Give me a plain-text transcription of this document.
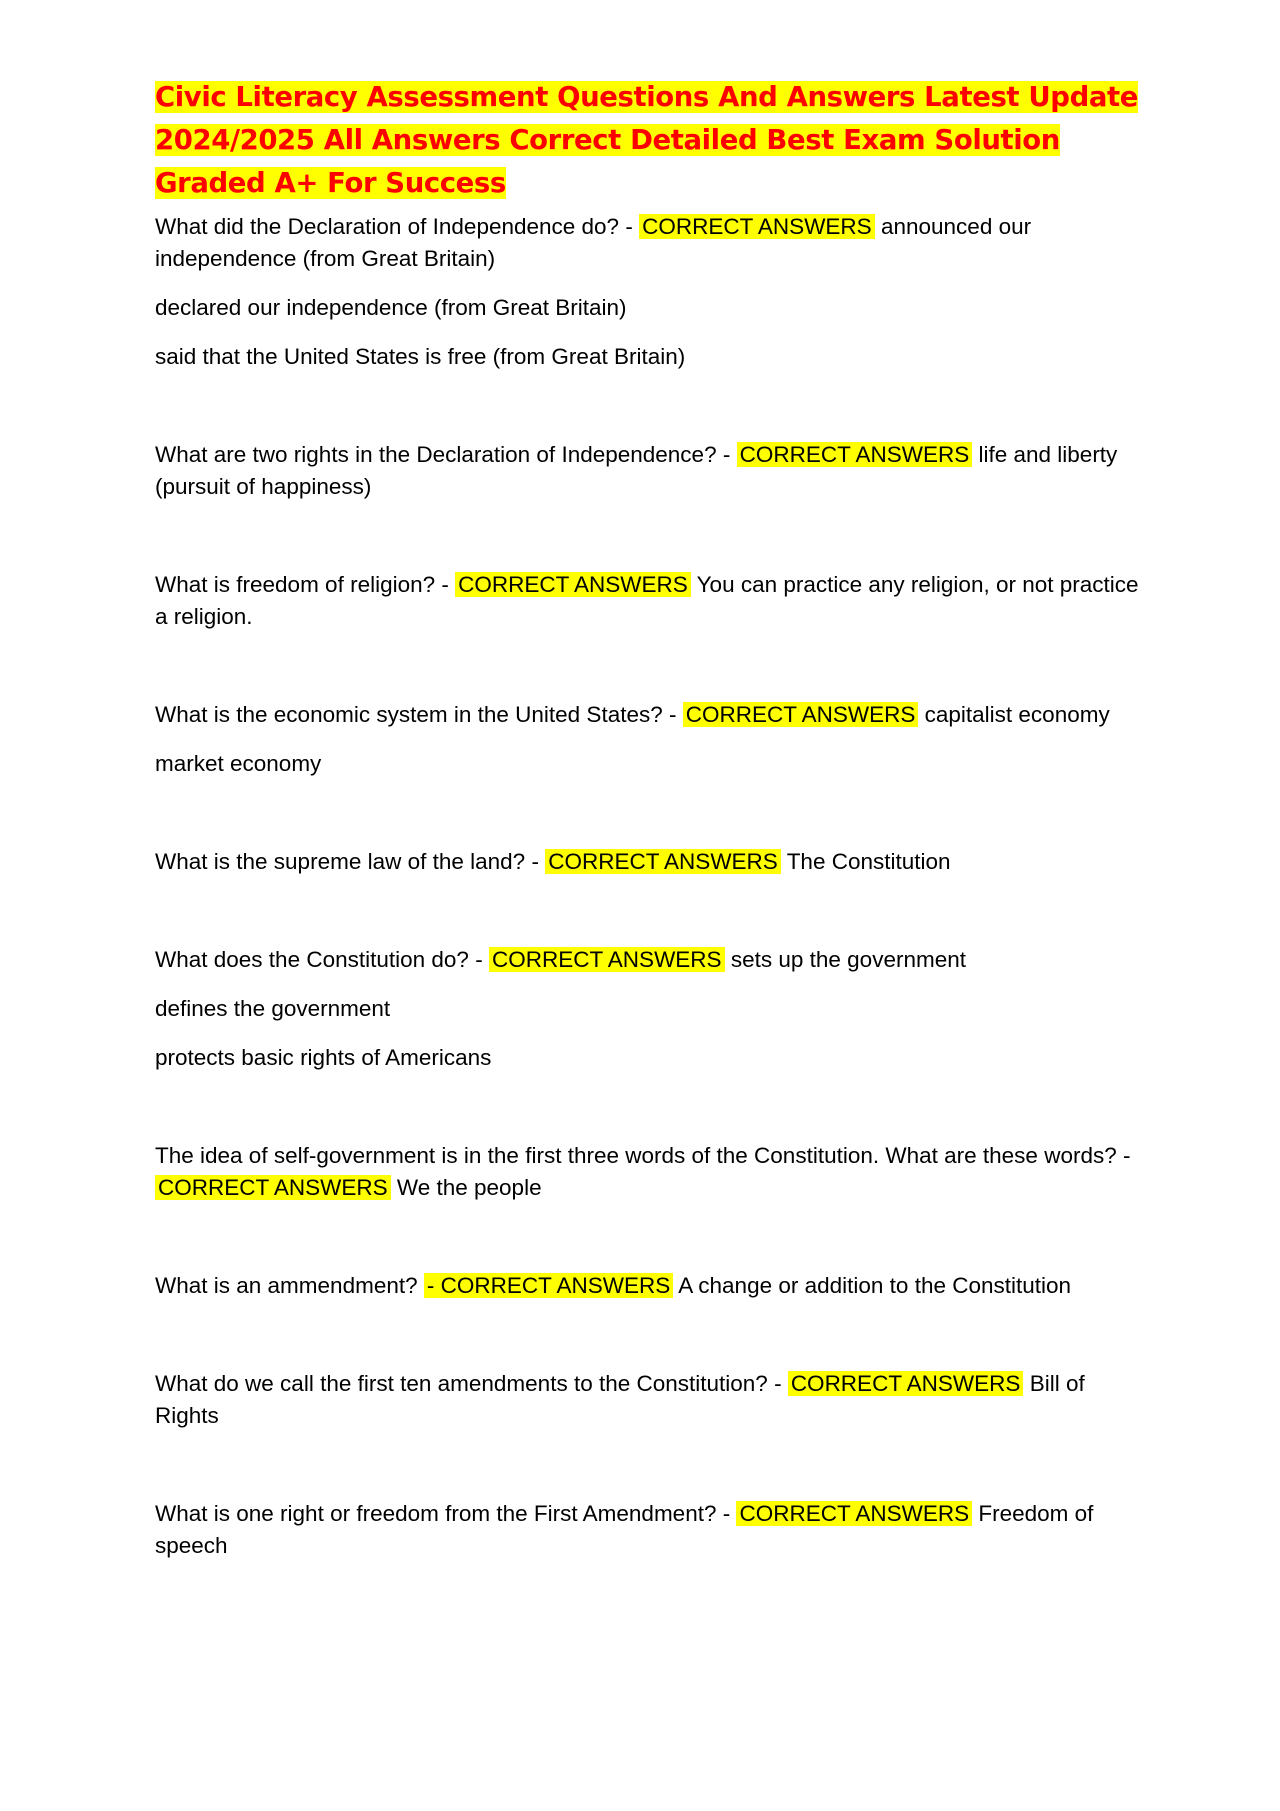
Civic Literacy Assessment Questions And Answers Latest Update 2024/2025 All Answers Correct Detailed Best Exam Solution Graded A+ For Success

What did the Declaration of Independence do? - CORRECT ANSWERS announced our independence (from Great Britain)

declared our independence (from Great Britain)

said that the United States is free (from Great Britain)

What are two rights in the Declaration of Independence? - CORRECT ANSWERS life and liberty (pursuit of happiness)

What is freedom of religion? - CORRECT ANSWERS You can practice any religion, or not practice a religion.

What is the economic system in the United States? - CORRECT ANSWERS capitalist economy

market economy

What is the supreme law of the land? - CORRECT ANSWERS The Constitution

What does the Constitution do? - CORRECT ANSWERS sets up the government

defines the government

protects basic rights of Americans

The idea of self-government is in the first three words of the Constitution. What are these words? - CORRECT ANSWERS We the people

What is an ammendment? - CORRECT ANSWERS A change or addition to the Constitution

What do we call the first ten amendments to the Constitution? - CORRECT ANSWERS Bill of Rights

What is one right or freedom from the First Amendment? - CORRECT ANSWERS Freedom of speech
